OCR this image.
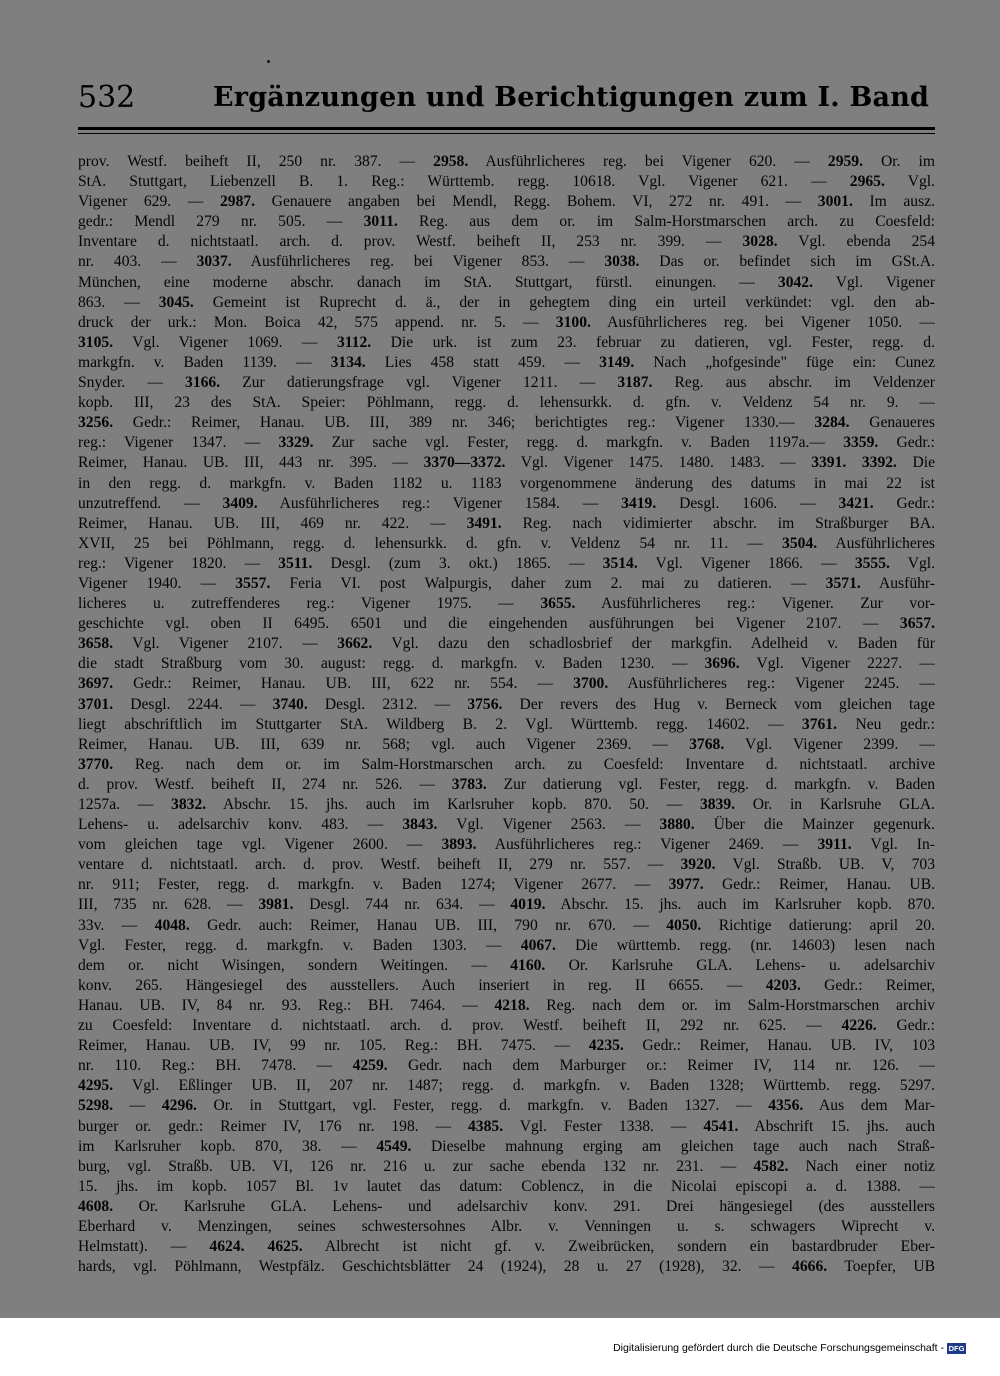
532	Ergänzungen und Berichtigungen zum I. Band
prov. Westf. beiheft II, 250 nr. 387. — 2958. Ausführlicheres reg. bei Vigener 620. — 2959. Or. im
StA. Stuttgart, Liebenzell B. 1. Reg.: Württemb. regg. 10618. Vgl. Vigener 621. — 2965. Vgl.
Vigener 629. — 2987. Genauere angaben bei Mendl, Regg. Bohem. VI, 272 nr. 491. — 3001. Im ausz.
gedr.: Mendl 279 nr. 505. — 3011. Reg. aus dem or. im Salm-Horstmarschen arch. zu Coesfeld:
Inventare d. nichtstaatl. arch. d. prov. Westf. beiheft II, 253 nr. 399. — 3028. Vgl. ebenda 254
nr. 403. — 3037. Ausführlicheres reg. bei Vigener 853. — 3038. Das or. befindet sich im GSt.A.
München, eine moderne abschr. danach im StA. Stuttgart, fürstl. einungen. — 3042. Vgl. Vigener
863. — 3045. Gemeint ist Ruprecht d. ä., der in gehegtem ding ein urteil verkündet: vgl. den ab-
druck der urk.: Mon. Boica 42, 575 append. nr. 5. — 3100. Ausführlicheres reg. bei Vigener 1050. —
3105. Vgl. Vigener 1069. — 3112. Die urk. ist zum 23. februar zu datieren, vgl. Fester, regg. d.
markgfn. v. Baden 1139. — 3134. Lies 458 statt 459. — 3149. Nach „hofgesinde" füge ein: Cunez
Snyder. — 3166. Zur datierungsfrage vgl. Vigener 1211. — 3187. Reg. aus abschr. im Veldenzer
kopb. III, 23 des StA. Speier: Pöhlmann, regg. d. lehensurkk. d. gfn. v. Veldenz 54 nr. 9. —
3256. Gedr.: Reimer, Hanau. UB. III, 389 nr. 346; berichtigtes reg.: Vigener 1330.— 3284. Genaueres
reg.: Vigener 1347. — 3329. Zur sache vgl. Fester, regg. d. markgfn. v. Baden 1197a.— 3359. Gedr.:
Reimer, Hanau. UB. III, 443 nr. 395. — 3370—3372. Vgl. Vigener 1475. 1480. 1483. — 3391. 3392. Die
in den regg. d. markgfn. v. Baden 1182 u. 1183 vorgenommene änderung des datums in mai 22 ist
unzutreffend. — 3409. Ausführlicheres reg.: Vigener 1584. — 3419. Desgl. 1606. — 3421. Gedr.:
Reimer, Hanau. UB. III, 469 nr. 422. — 3491. Reg. nach vidimierter abschr. im Straßburger BA.
XVII, 25 bei Pöhlmann, regg. d. lehensurkk. d. gfn. v. Veldenz 54 nr. 11. — 3504. Ausführlicheres
reg.: Vigener 1820. — 3511. Desgl. (zum 3. okt.) 1865. — 3514. Vgl. Vigener 1866. — 3555. Vgl.
Vigener 1940. — 3557. Feria VI. post Walpurgis, daher zum 2. mai zu datieren. — 3571. Ausführ-
licheres u. zutreffenderes reg.: Vigener 1975. — 3655. Ausführlicheres reg.: Vigener. Zur vor-
geschichte vgl. oben II 6495. 6501 und die eingehenden ausführungen bei Vigener 2107. — 3657.
3658. Vgl. Vigener 2107. — 3662. Vgl. dazu den schadlosbrief der markgfin. Adelheid v. Baden für
die stadt Straßburg vom 30. august: regg. d. markgfn. v. Baden 1230. — 3696. Vgl. Vigener 2227. —
3697. Gedr.: Reimer, Hanau. UB. III, 622 nr. 554. — 3700. Ausführlicheres reg.: Vigener 2245. —
3701. Desgl. 2244. — 3740. Desgl. 2312. — 3756. Der revers des Hug v. Berneck vom gleichen tage
liegt abschriftlich im Stuttgarter StA. Wildberg B. 2. Vgl. Württemb. regg. 14602. — 3761. Neu gedr.:
Reimer, Hanau. UB. III, 639 nr. 568; vgl. auch Vigener 2369. — 3768. Vgl. Vigener 2399. —
3770. Reg. nach dem or. im Salm-Horstmarschen arch. zu Coesfeld: Inventare d. nichtstaatl. archive
d. prov. Westf. beiheft II, 274 nr. 526. — 3783. Zur datierung vgl. Fester, regg. d. markgfn. v. Baden
1257a. — 3832. Abschr. 15. jhs. auch im Karlsruher kopb. 870. 50. — 3839. Or. in Karlsruhe GLA.
Lehens- u. adelsarchiv konv. 483. — 3843. Vgl. Vigener 2563. — 3880. Über die Mainzer gegenurk.
vom gleichen tage vgl. Vigener 2600. — 3893. Ausführlicheres reg.: Vigener 2469. — 3911. Vgl. In-
ventare d. nichtstaatl. arch. d. prov. Westf. beiheft II, 279 nr. 557. — 3920. Vgl. Straßb. UB. V, 703
nr. 911; Fester, regg. d. markgfn. v. Baden 1274; Vigener 2677. — 3977. Gedr.: Reimer, Hanau. UB.
III, 735 nr. 628. — 3981. Desgl. 744 nr. 634. — 4019. Abschr. 15. jhs. auch im Karlsruher kopb. 870.
33v. — 4048. Gedr. auch: Reimer, Hanau UB. III, 790 nr. 670. — 4050. Richtige datierung: april 20.
Vgl. Fester, regg. d. markgfn. v. Baden 1303. — 4067. Die württemb. regg. (nr. 14603) lesen nach
dem or. nicht Wisingen, sondern Weitingen. — 4160. Or. Karlsruhe GLA. Lehens- u. adelsarchiv
konv. 265. Hängesiegel des ausstellers. Auch inseriert in reg. II 6655. — 4203. Gedr.: Reimer,
Hanau. UB. IV, 84 nr. 93. Reg.: BH. 7464. — 4218. Reg. nach dem or. im Salm-Horstmarschen archiv
zu Coesfeld: Inventare d. nichtstaatl. arch. d. prov. Westf. beiheft II, 292 nr. 625. — 4226. Gedr.:
Reimer, Hanau. UB. IV, 99 nr. 105. Reg.: BH. 7475. — 4235. Gedr.: Reimer, Hanau. UB. IV, 103
nr. 110. Reg.: BH. 7478. — 4259. Gedr. nach dem Marburger or.: Reimer IV, 114 nr. 126. —
4295. Vgl. Eßlinger UB. II, 207 nr. 1487; regg. d. markgfn. v. Baden 1328; Württemb. regg. 5297.
5298. — 4296. Or. in Stuttgart, vgl. Fester, regg. d. markgfn. v. Baden 1327. — 4356. Aus dem Mar-
burger or. gedr.: Reimer IV, 176 nr. 198. — 4385. Vgl. Fester 1338. — 4541. Abschrift 15. jhs. auch
im Karlsruher kopb. 870, 38. — 4549. Dieselbe mahnung erging am gleichen tage auch nach Straß-
burg, vgl. Straßb. UB. VI, 126 nr. 216 u. zur sache ebenda 132 nr. 231. — 4582. Nach einer notiz
15. jhs. im kopb. 1057 Bl. 1v lautet das datum: Coblencz, in die Nicolai episcopi a. d. 1388. —
4608. Or. Karlsruhe GLA. Lehens- und adelsarchiv konv. 291. Drei hängesiegel (des ausstellers
Eberhard v. Menzingen, seines schwestersohnes Albr. v. Venningen u. s. schwagers Wiprecht v.
Helmstatt). — 4624. 4625. Albrecht ist nicht gf. v. Zweibrücken, sondern ein bastardbruder Eber-
hards, vgl. Pöhlmann, Westpfälz. Geschichtsblätter 24 (1924), 28 u. 27 (1928), 32. — 4666. Toepfer, UB
Digitalisierung gefördert durch die Deutsche Forschungsgemeinschaft - DFG
